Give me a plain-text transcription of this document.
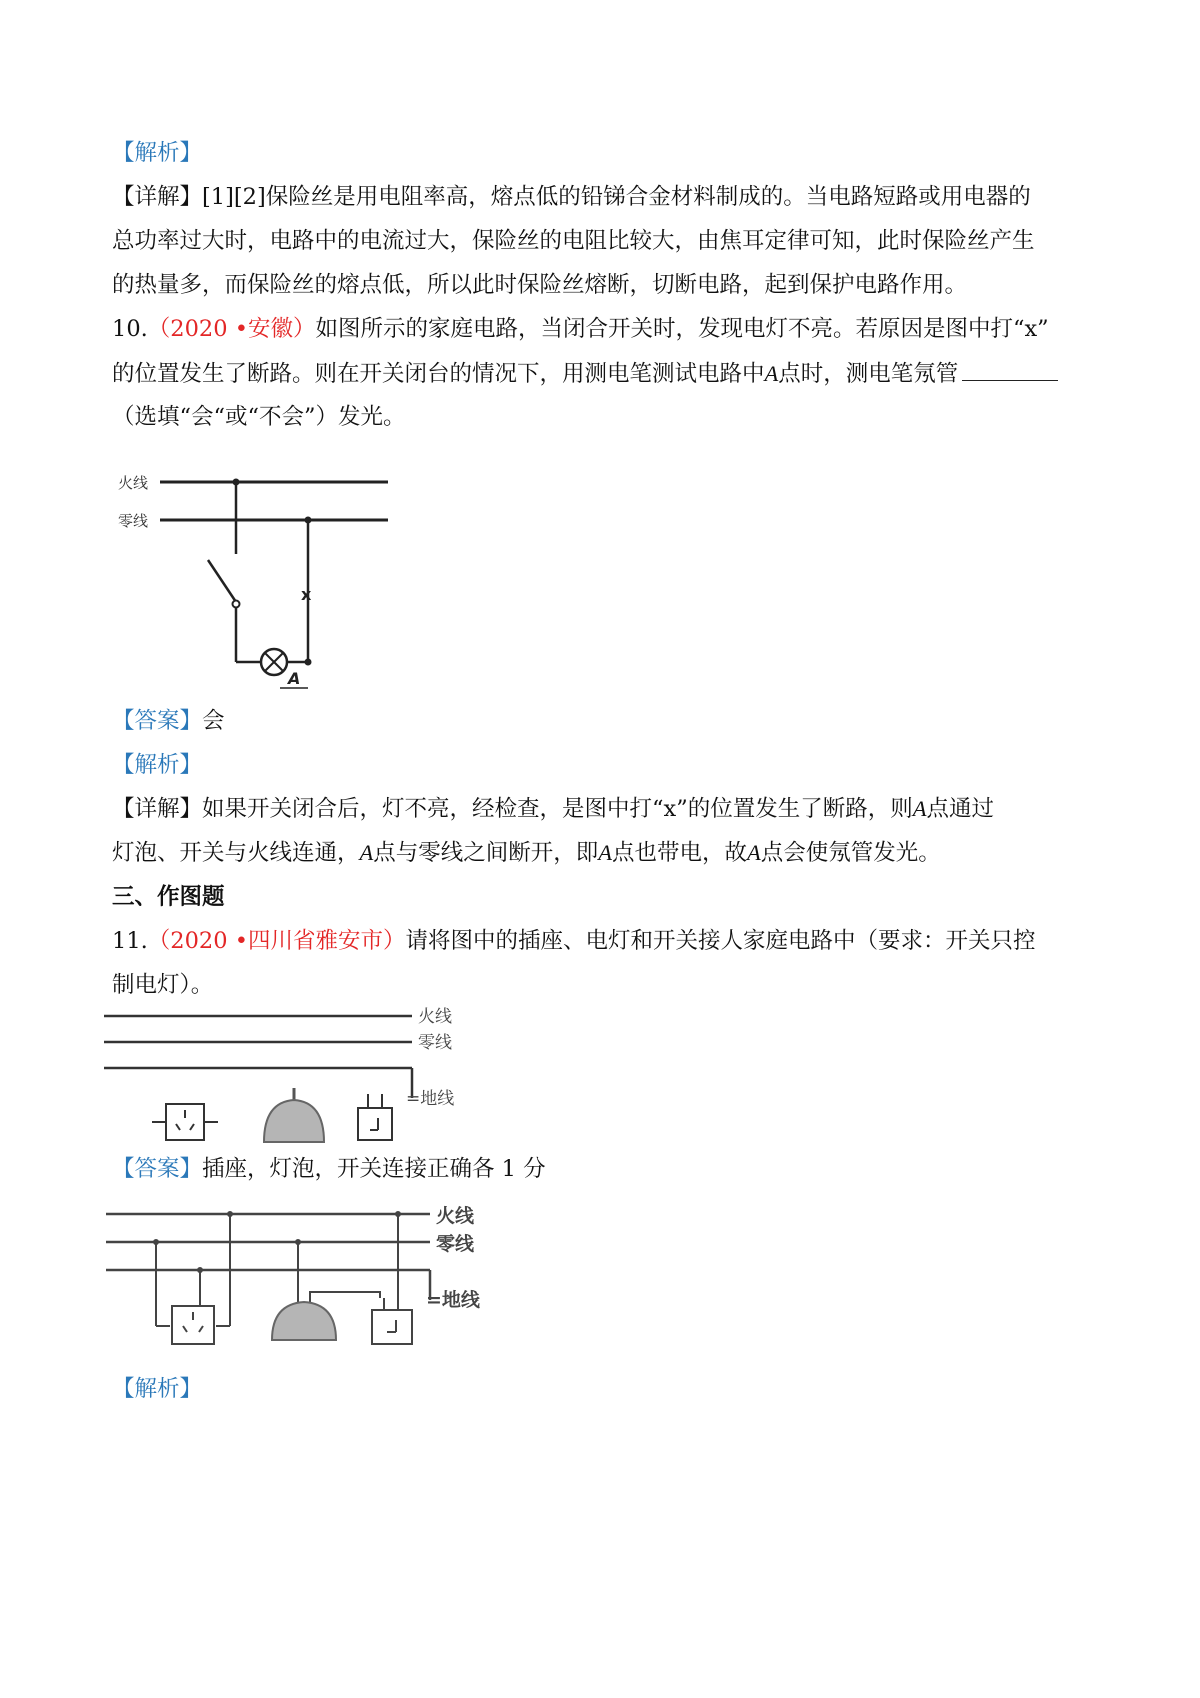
【解析】
【详解】[1][2]保险丝是用电阻率高，熔点低的铅锑合金材料制成的。当电路短路或用电器的
总功率过大时，电路中的电流过大，保险丝的电阻比较大，由焦耳定律可知，此时保险丝产生
的热量多，而保险丝的熔点低，所以此时保险丝熔断，切断电路，起到保护电路作用。
10.（2020 •安徽）如图所示的家庭电路，当闭合开关时，发现电灯不亮。若原因是图中打“x”
的位置发生了断路。则在开关闭台的情况下，用测电笔测试电路中A点时，测电笔氖管
（选填“会“或“不会”）发光。
火线
零线
x
A
【答案】会
【解析】
【详解】如果开关闭合后，灯不亮，经检查，是图中打“x”的位置发生了断路，则A点通过
灯泡、开关与火线连通，A点与零线之间断开，即A点也带电，故A点会使氖管发光。
三、作图题
11.（2020 •四川省雅安市）请将图中的插座、电灯和开关接人家庭电路中（要求：开关只控
制电灯）。
火线
零线
=地线
【答案】插座，灯泡，开关连接正确各 1 分
火线
零线
=地线
【解析】
